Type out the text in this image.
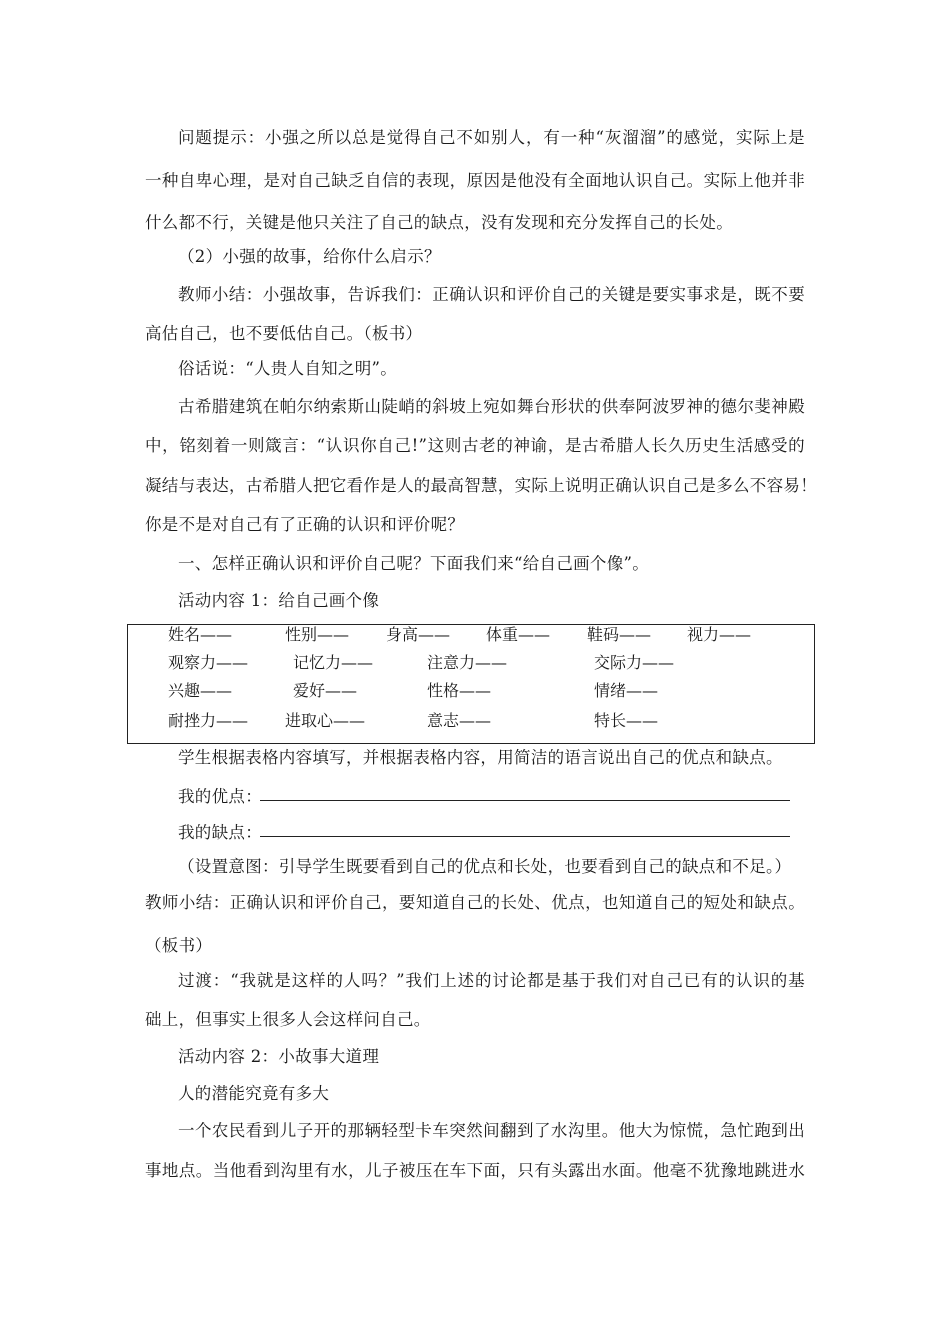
问题提示：小强之所以总是觉得自己不如别人，有一种“灰溜溜”的感觉，实际上是
一种自卑心理，是对自己缺乏自信的表现，原因是他没有全面地认识自己。实际上他并非
什么都不行，关键是他只关注了自己的缺点，没有发现和充分发挥自己的长处。
（2）小强的故事，给你什么启示？
教师小结：小强故事，告诉我们：正确认识和评价自己的关键是要实事求是，既不要
高估自己，也不要低估自己。（板书）
俗话说：“人贵人自知之明”。
古希腊建筑在帕尔纳索斯山陡峭的斜坡上宛如舞台形状的供奉阿波罗神的德尔斐神殿
中，铭刻着一则箴言：“认识你自己!”这则古老的神谕，是古希腊人长久历史生活感受的
凝结与表达，古希腊人把它看作是人的最高智慧，实际上说明正确认识自己是多么不容易！
你是不是对自己有了正确的认识和评价呢？
一、怎样正确认识和评价自己呢？下面我们来“给自己画个像”。
活动内容 1：给自己画个像
姓名——	性别—— 身高—— 体重—— 鞋码—— 视力——
观察力——	记忆力——	注意力——	交际力——
兴趣——	爱好——	性格——	情绪——
耐挫力—— 进取心——	意志——	特长——
学生根据表格内容填写，并根据表格内容，用简洁的语言说出自己的优点和缺点。
我的优点：
我的缺点：
（设置意图：引导学生既要看到自己的优点和长处，也要看到自己的缺点和不足。）
教师小结：正确认识和评价自己，要知道自己的长处、优点，也知道自己的短处和缺点。
（板书）
过渡：“我就是这样的人吗？”我们上述的讨论都是基于我们对自己已有的认识的基
础上，但事实上很多人会这样问自己。
活动内容 2：小故事大道理
人的潜能究竟有多大
一个农民看到儿子开的那辆轻型卡车突然间翻到了水沟里。他大为惊慌，急忙跑到出
事地点。当他看到沟里有水，儿子被压在车下面，只有头露出水面。他毫不犹豫地跳进水
